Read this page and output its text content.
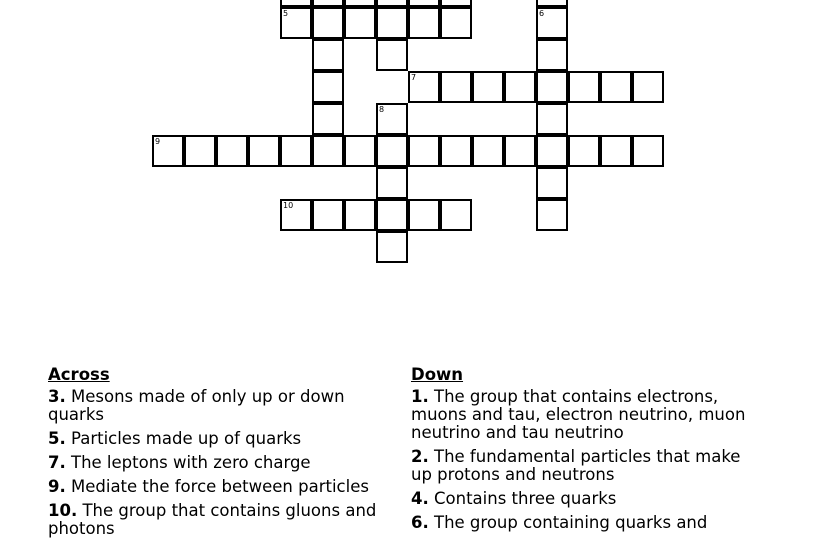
5	6
7
8
9
10
Across
3. Mesons made of only up or down quarks
5. Particles made up of quarks
7. The leptons with zero charge
9. Mediate the force between particles
10. The group that contains gluons and photons
Down
1. The group that contains electrons, muons and tau, electron neutrino, muon neutrino and tau neutrino
2. The fundamental particles that make up protons and neutrons
4. Contains three quarks
6. The group containing quarks and
